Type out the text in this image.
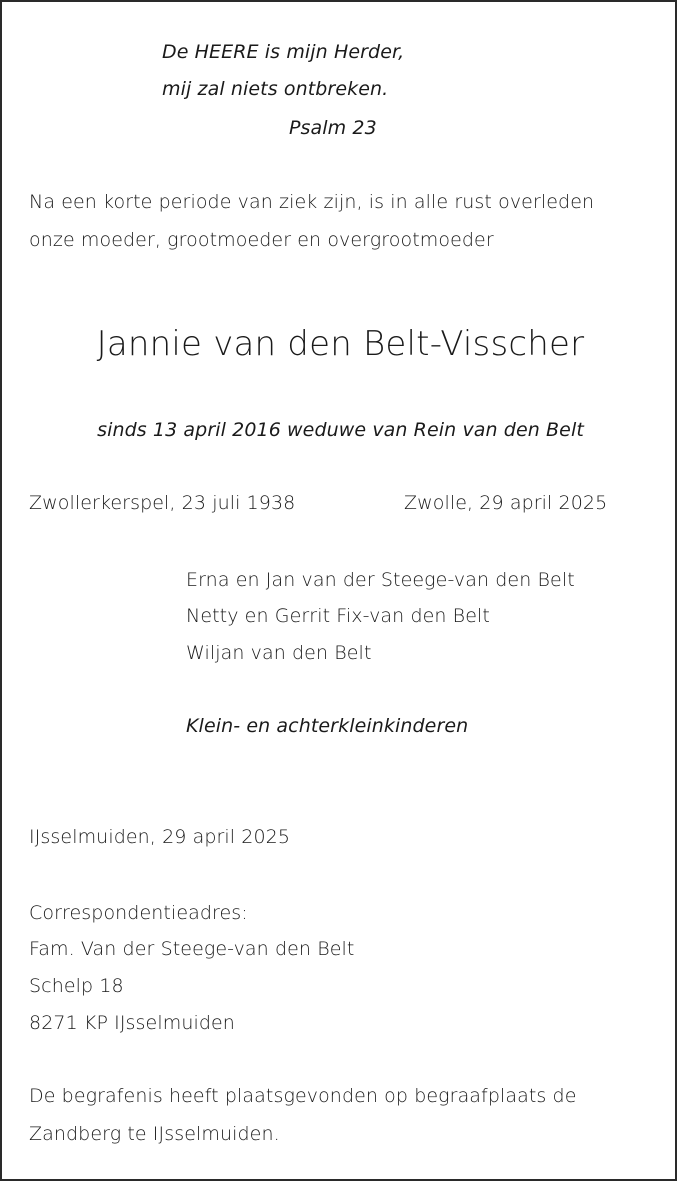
De HEERE is mijn Herder,

mij zal niets ontbreken.

Psalm 23

Na een korte periode van ziek zijn, is in alle rust overleden

onze moeder, grootmoeder en overgrootmoeder

Jannie van den Belt-Visscher

sinds 13 april 2016 weduwe van Rein van den Belt

Zwollerkerspel, 23 juli 1938	Zwolle, 29 april 2025

Erna en Jan van der Steege-van den Belt

Netty en Gerrit Fix-van den Belt

Wiljan van den Belt

Klein- en achterkleinkinderen

IJsselmuiden, 29 april 2025

Correspondentieadres:

Fam. Van der Steege-van den Belt

Schelp 18

8271 KP IJsselmuiden

De begrafenis heeft plaatsgevonden op begraafplaats de

Zandberg te IJsselmuiden.
